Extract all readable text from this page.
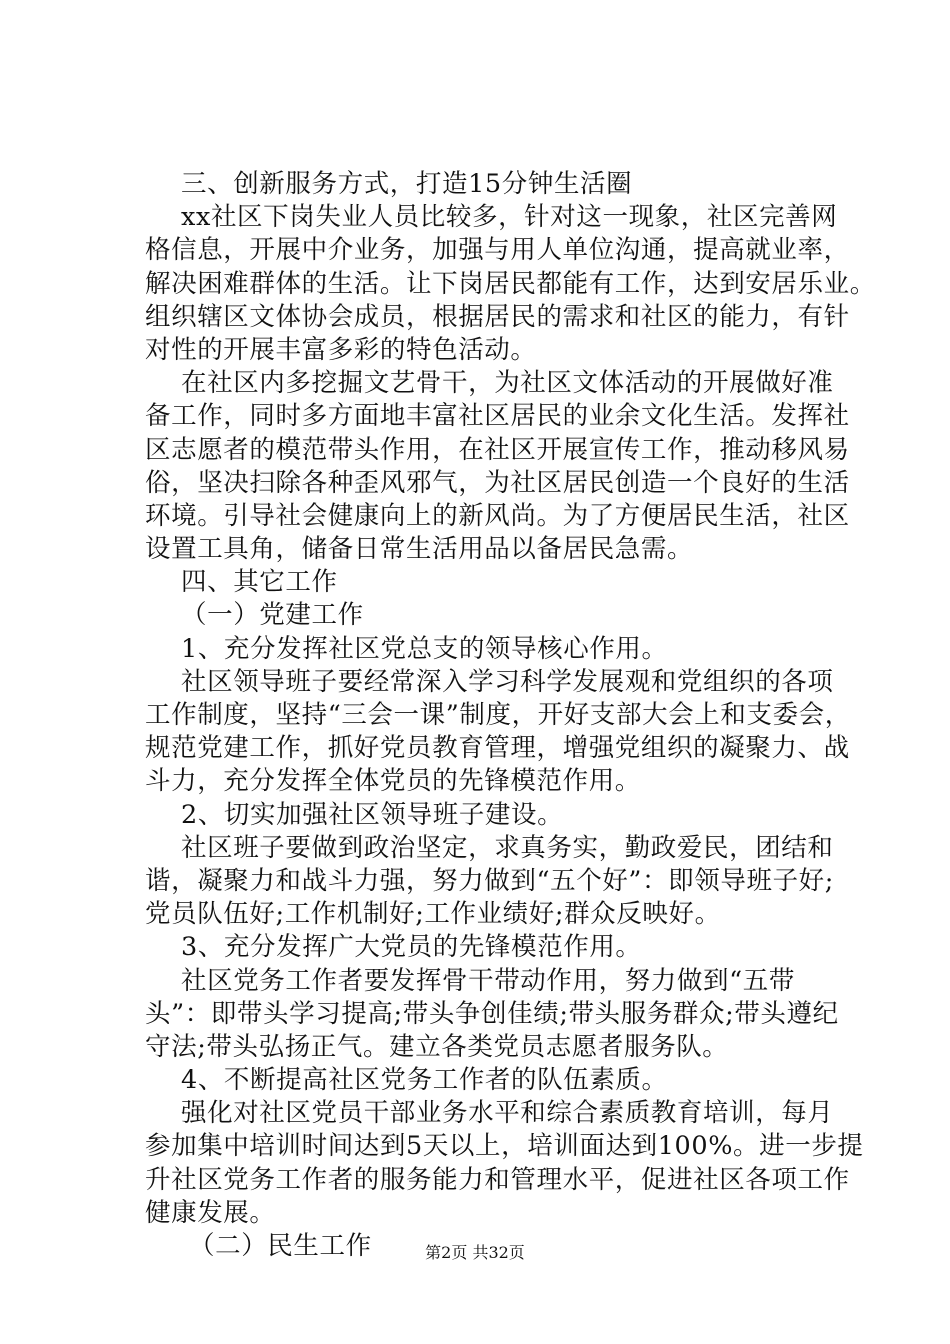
三、创新服务方式，打造15分钟生活圈
xx社区下岗失业人员比较多，针对这一现象，社区完善网
格信息，开展中介业务，加强与用人单位沟通，提高就业率，
解决困难群体的生活。让下岗居民都能有工作，达到安居乐业。
组织辖区文体协会成员，根据居民的需求和社区的能力，有针
对性的开展丰富多彩的特色活动。
在社区内多挖掘文艺骨干，为社区文体活动的开展做好准
备工作，同时多方面地丰富社区居民的业余文化生活。发挥社
区志愿者的模范带头作用，在社区开展宣传工作，推动移风易
俗，坚决扫除各种歪风邪气，为社区居民创造一个良好的生活
环境。引导社会健康向上的新风尚。为了方便居民生活，社区
设置工具角，储备日常生活用品以备居民急需。
四、其它工作
（一）党建工作
1、充分发挥社区党总支的领导核心作用。
社区领导班子要经常深入学习科学发展观和党组织的各项
工作制度，坚持“三会一课”制度，开好支部大会上和支委会，
规范党建工作，抓好党员教育管理，增强党组织的凝聚力、战
斗力，充分发挥全体党员的先锋模范作用。
2、切实加强社区领导班子建设。
社区班子要做到政治坚定，求真务实，勤政爱民，团结和
谐，凝聚力和战斗力强，努力做到“五个好”：即领导班子好;
党员队伍好;工作机制好;工作业绩好;群众反映好。
3、充分发挥广大党员的先锋模范作用。
社区党务工作者要发挥骨干带动作用，努力做到“五带
头”：即带头学习提高;带头争创佳绩;带头服务群众;带头遵纪
守法;带头弘扬正气。建立各类党员志愿者服务队。
4、不断提高社区党务工作者的队伍素质。
强化对社区党员干部业务水平和综合素质教育培训，每月
参加集中培训时间达到5天以上，培训面达到100%。进一步提
升社区党务工作者的服务能力和管理水平，促进社区各项工作
健康发展。
（二）民生工作	第2页 共32页
